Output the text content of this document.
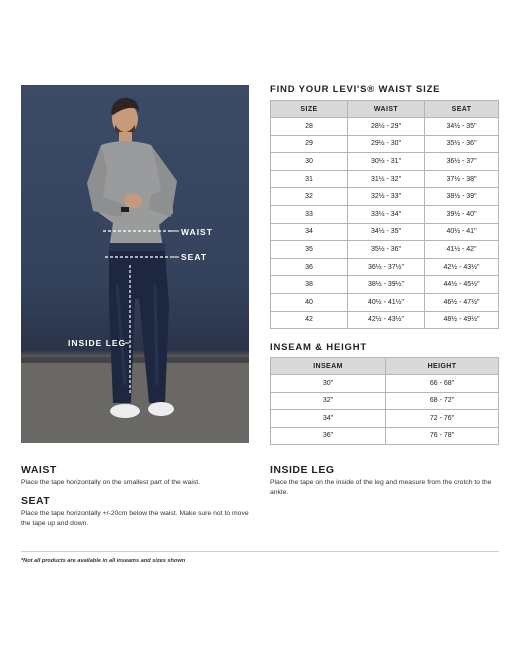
WAIST
SEAT
INSIDE LEG
FIND YOUR LEVI'S® WAIST SIZE
SIZE	WAIST	SEAT
28	28½ - 29"	34½ - 35"
29	29½ - 30"	35½ - 36"
30	30½ - 31"	36½ - 37"
31	31½ - 32"	37½ - 38"
32	32½ - 33"	38½ - 39"
33	33½ - 34"	39½ - 40"
34	34½ - 35"	40½ - 41"
35	35½ - 36"	41½ - 42"
36	36½ - 37½"	42½ - 43½"
38	38½ - 39½"	44½ - 45½"
40	40½ - 41½"	46½ - 47½"
42	42½ - 43½"	48½ - 49½"
INSEAM & HEIGHT
INSEAM	HEIGHT
30"	66 - 68"
32"	68 - 72"
34"	72 - 76"
36"	76 - 78"
WAIST
Place the tape horizontally on the smallest part of the waist.
SEAT
Place the tape horizontally +/-20cm below the waist. Make sure not to move the tape up and down.
INSIDE LEG
Place the tape on the inside of the leg and measure from the crotch to the ankle.
*Not all products are available in all inseams and sizes shown
